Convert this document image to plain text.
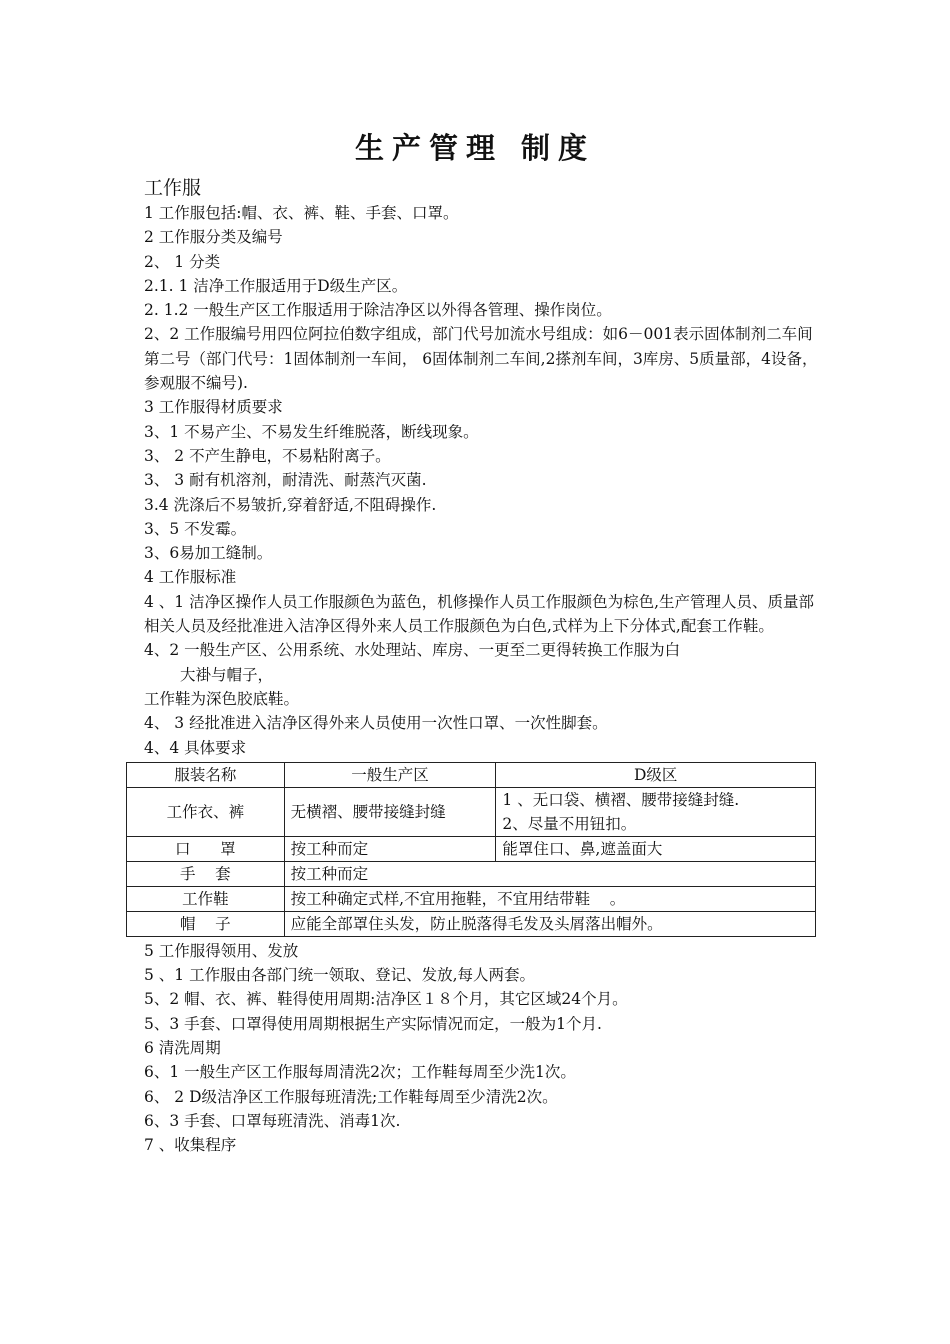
生产管理 制度
工作服
1 工作服包括:帽、衣、裤、鞋、手套、口罩。
2 工作服分类及编号
2、 1 分类
2.1. 1 洁净工作服适用于D级生产区。
2. 1.2 一般生产区工作服适用于除洁净区以外得各管理、操作岗位。
2、2 工作服编号用四位阿拉伯数字组成，部门代号加流水号组成：如6－001表示固体制剂二车间第二号（部门代号：1固体制剂一车间， 6固体制剂二车间,2搽剂车间，3库房、5质量部，4设备，参观服不编号).
3 工作服得材质要求
3、1 不易产尘、不易发生纤维脱落，断线现象。
3、 2 不产生静电，不易粘附离子。
3、 3 耐有机溶剂，耐清洗、耐蒸汽灭菌.
3.4 洗涤后不易皱折,穿着舒适,不阻碍操作.
3、5 不发霉。
3、6易加工缝制。
4 工作服标准
4 、1 洁净区操作人员工作服颜色为蓝色，机修操作人员工作服颜色为棕色,生产管理人员、质量部相关人员及经批准进入洁净区得外来人员工作服颜色为白色,式样为上下分体式,配套工作鞋。
4、2 一般生产区、公用系统、水处理站、库房、一更至二更得转换工作服为白
大褂与帽子，
工作鞋为深色胶底鞋。
4、 3 经批准进入洁净区得外来人员使用一次性口罩、一次性脚套。
4、4 具体要求
服装名称	一般生产区	D级区
工作衣、裤	无横褶、腰带接缝封缝	1 、无口袋、横褶、腰带接缝封缝.
2、尽量不用钮扣。

口      罩	按工种而定	能罩住口、鼻,遮盖面大
手    套	按工种而定	
工作鞋	按工种确定式样,不宜用拖鞋，不宜用结带鞋    。	
帽    子	应能全部罩住头发，防止脱落得毛发及头屑落出帽外。	
5 工作服得领用、发放
5 、1 工作服由各部门统一领取、登记、发放,每人两套。
5、2 帽、衣、裤、鞋得使用周期:洁净区１８个月，其它区域24个月。
5、3 手套、口罩得使用周期根据生产实际情况而定，一般为1个月.
6 清洗周期
6、1 一般生产区工作服每周清洗2次；工作鞋每周至少洗1次。
6、 2 D级洁净区工作服每班清洗;工作鞋每周至少清洗2次。
6、3 手套、口罩每班清洗、消毒1次.
7 、收集程序
